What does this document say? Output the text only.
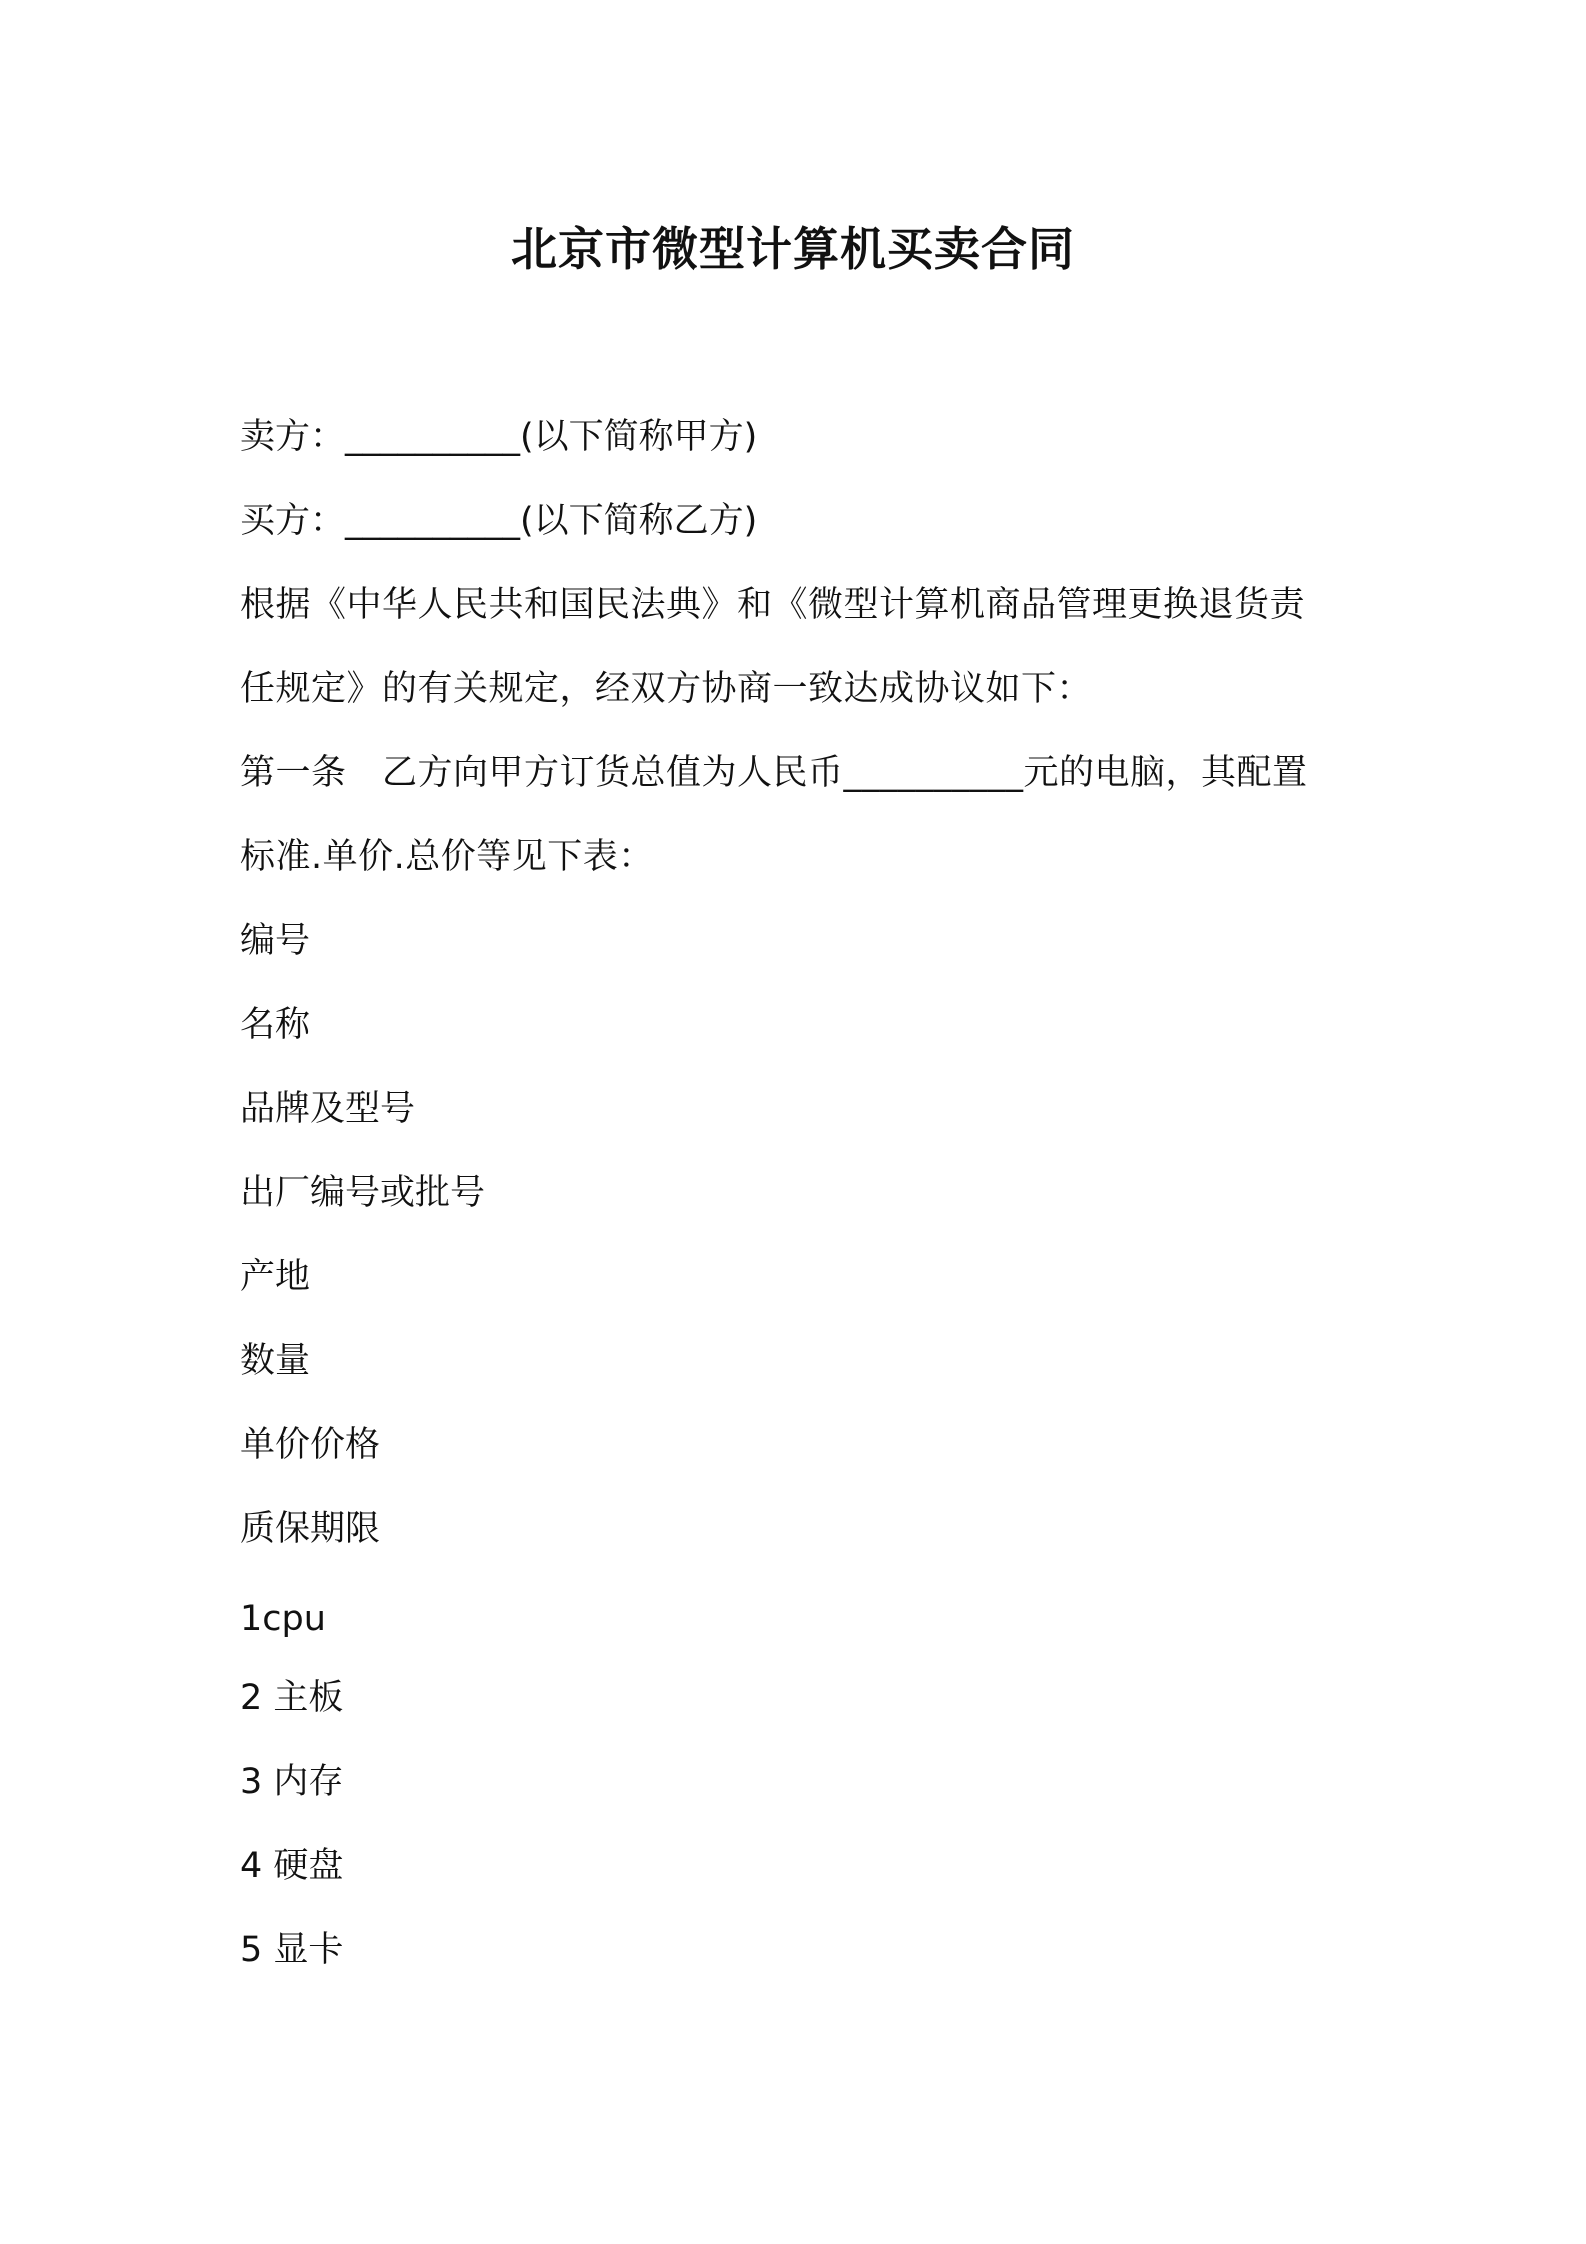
北京市微型计算机买卖合同
卖方：__________(以下简称甲方)
买方：__________(以下简称乙方)
根据《中华人民共和国民法典》和《微型计算机商品管理更换退货责
任规定》的有关规定，经双方协商一致达成协议如下：
第一条　乙方向甲方订货总值为人民币__________元的电脑，其配置
标准.单价.总价等见下表：
编号
名称
品牌及型号
出厂编号或批号
产地
数量
单价价格
质保期限
1cpu
2 主板
3 内存
4 硬盘
5 显卡
